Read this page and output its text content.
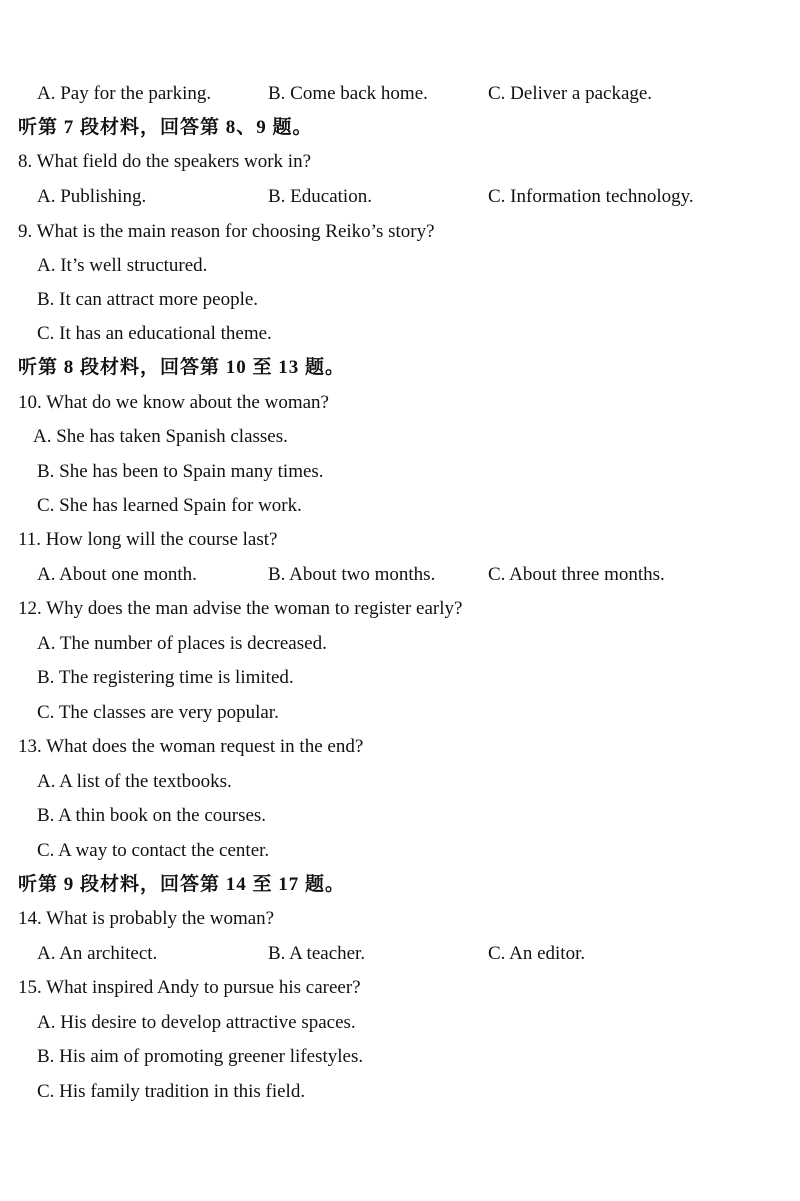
A. Pay for the parking.	B. Come back home.	C. Deliver a package.
听第 7 段材料，回答第 8、9 题。
8. What field do the speakers work in?
A. Publishing.	B. Education.	C. Information technology.
9. What is the main reason for choosing Reiko’s story?
A. It’s well structured.
B. It can attract more people.
C. It has an educational theme.
听第 8 段材料，回答第 10 至 13 题。
10. What do we know about the woman?
A. She has taken Spanish classes.
B. She has been to Spain many times.
C. She has learned Spain for work.
11. How long will the course last?
A. About one month.	B. About two months.	C. About three months.
12. Why does the man advise the woman to register early?
A. The number of places is decreased.
B. The registering time is limited.
C. The classes are very popular.
13. What does the woman request in the end?
A. A list of the textbooks.
B. A thin book on the courses.
C. A way to contact the center.
听第 9 段材料，回答第 14 至 17 题。
14. What is probably the woman?
A. An architect.	B. A teacher.	C. An editor.
15. What inspired Andy to pursue his career?
A. His desire to develop attractive spaces.
B. His aim of promoting greener lifestyles.
C. His family tradition in this field.
